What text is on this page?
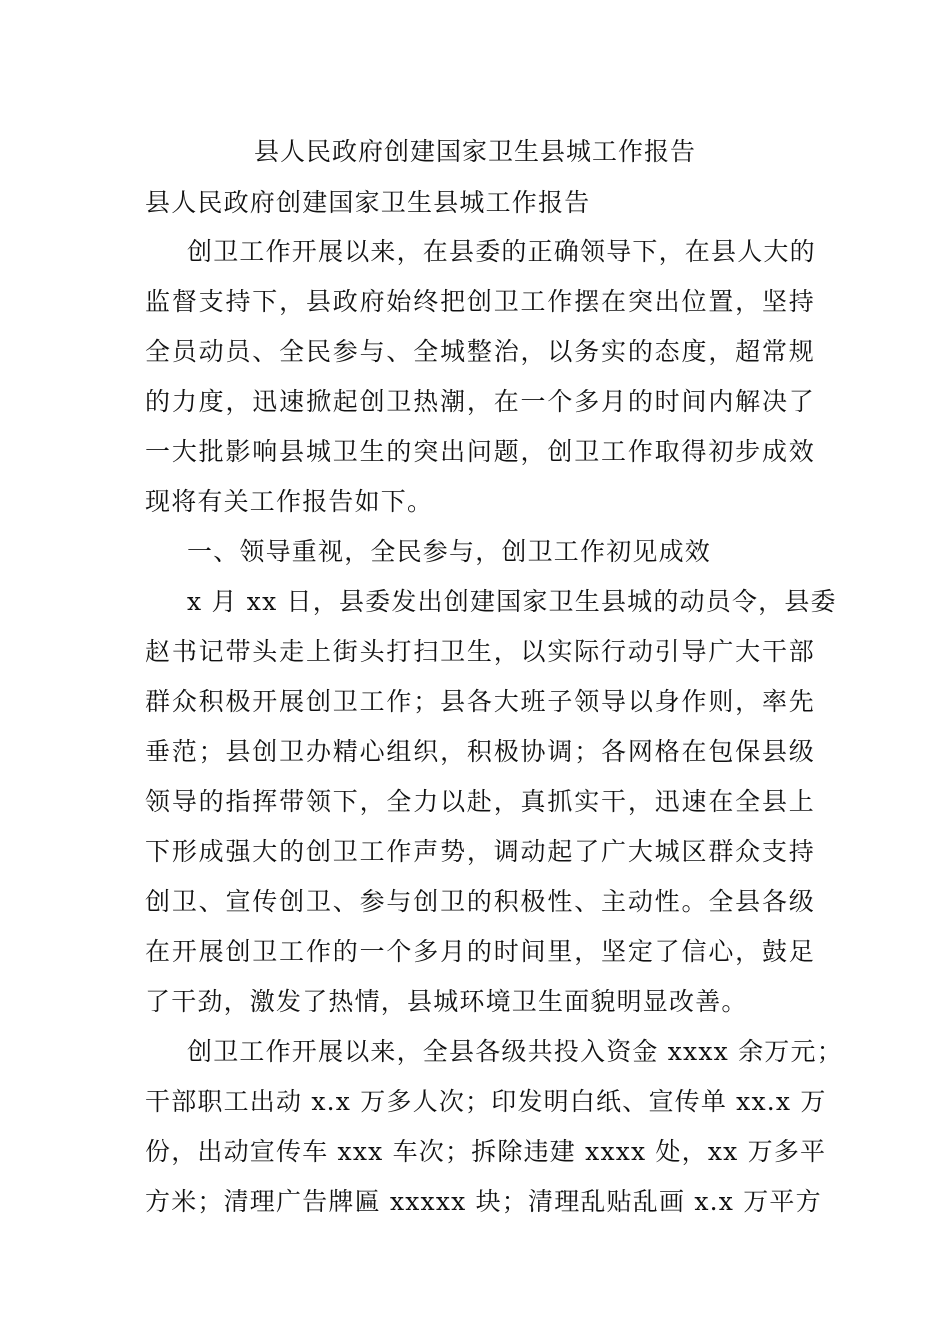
县人民政府创建国家卫生县城工作报告
县人民政府创建国家卫生县城工作报告
创卫工作开展以来，在县委的正确领导下，在县人大的
监督支持下，县政府始终把创卫工作摆在突出位置，坚持
全员动员、全民参与、全城整治，以务实的态度，超常规
的力度，迅速掀起创卫热潮，在一个多月的时间内解决了
一大批影响县城卫生的突出问题，创卫工作取得初步成效
现将有关工作报告如下。
一、领导重视，全民参与，创卫工作初见成效
x 月 xx 日，县委发出创建国家卫生县城的动员令，县委
赵书记带头走上街头打扫卫生，以实际行动引导广大干部
群众积极开展创卫工作；县各大班子领导以身作则，率先
垂范；县创卫办精心组织，积极协调；各网格在包保县级
领导的指挥带领下，全力以赴，真抓实干，迅速在全县上
下形成强大的创卫工作声势，调动起了广大城区群众支持
创卫、宣传创卫、参与创卫的积极性、主动性。全县各级
在开展创卫工作的一个多月的时间里，坚定了信心，鼓足
了干劲，激发了热情，县城环境卫生面貌明显改善。
创卫工作开展以来，全县各级共投入资金 xxxx 余万元；
干部职工出动 x.x 万多人次；印发明白纸、宣传单 xx.x 万
份，出动宣传车 xxx 车次；拆除违建 xxxx 处，xx 万多平
方米；清理广告牌匾 xxxxx 块；清理乱贴乱画 x.x 万平方
